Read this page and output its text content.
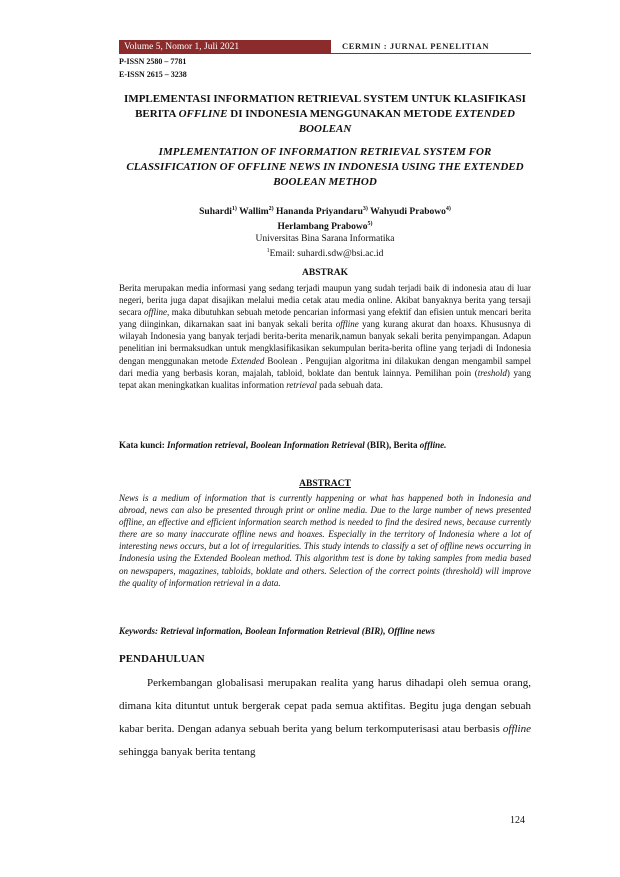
Volume 5, Nomor 1, Juli 2021	CERMIN : JURNAL PENELITIAN
P-ISSN 2580 – 7781
E-ISSN 2615 – 3238
IMPLEMENTASI INFORMATION RETRIEVAL SYSTEM UNTUK KLASIFIKASI BERITA OFFLINE DI INDONESIA MENGGUNAKAN METODE EXTENDED BOOLEAN
IMPLEMENTATION OF INFORMATION RETRIEVAL SYSTEM FOR CLASSIFICATION OF OFFLINE NEWS IN INDONESIA USING THE EXTENDED BOOLEAN METHOD
Suhardi$^{1)}$ Wallim$^{2)}$ Hananda Priyandaru$^{3)}$ Wahyudi Prabowo$^{4)}$
Herlambang Prabowo$^{5)}$
Universitas Bina Sarana Informatika
$^1$Email: suhardi.sdw@bsi.ac.id
ABSTRAK
Berita merupakan media informasi yang sedang terjadi maupun yang sudah terjadi baik di indonesia atau di luar negeri, berita juga dapat disajikan melalui media cetak atau media online. Akibat banyaknya berita yang tersaji secara offline, maka dibutuhkan sebuah metode pencarian informasi yang efektif dan efisien untuk mencari berita yang diinginkan, dikarnakan saat ini banyak sekali berita offline yang kurang akurat dan hoaxs. Khususnya di wilayah Indonesia yang banyak terjadi berita-berita menarik,namun banyak sekali berita penyimpangan. Adapun penelitian ini bermaksudkan untuk mengklasifikasikan sekumpulan berita-berita ofline yang terjadi di Indonesia dengan menggunakan metode Extended Boolean . Pengujian algoritma ini dilakukan dengan mengambil sampel dari media yang berbasis koran, majalah, tabloid, boklate dan bentuk lainnya. Pemilihan poin (treshold) yang tepat akan meningkatkan kualitas information retrieval pada sebuah data.
Kata kunci: Information retrieval, Boolean Information Retrieval (BIR), Berita offline.
ABSTRACT
News is a medium of information that is currently happening or what has happened both in Indonesia and abroad, news can also be presented through print or online media. Due to the large number of news presented offline, an effective and efficient information search method is needed to find the desired news, because currently there are so many inaccurate offline news and hoaxes. Especially in the territory of Indonesia where a lot of interesting news occurs, but a lot of irregularities. This study intends to classify a set of offline news occurring in Indonesia using the Extended Boolean method. This algorithm test is done by taking samples from media based on newspapers, magazines, tabloids, boklate and others. Selection of the correct points (threshold) will improve the quality of information retrieval in a data.
Keywords: Retrieval information, Boolean Information Retrieval (BIR), Offline news
PENDAHULUAN
Perkembangan globalisasi merupakan realita yang harus dihadapi oleh semua orang, dimana kita dituntut untuk bergerak cepat pada semua aktifitas. Begitu juga dengan sebuah kabar berita. Dengan adanya sebuah berita yang belum terkomputerisasi atau berbasis offline sehingga banyak berita tentang
124
